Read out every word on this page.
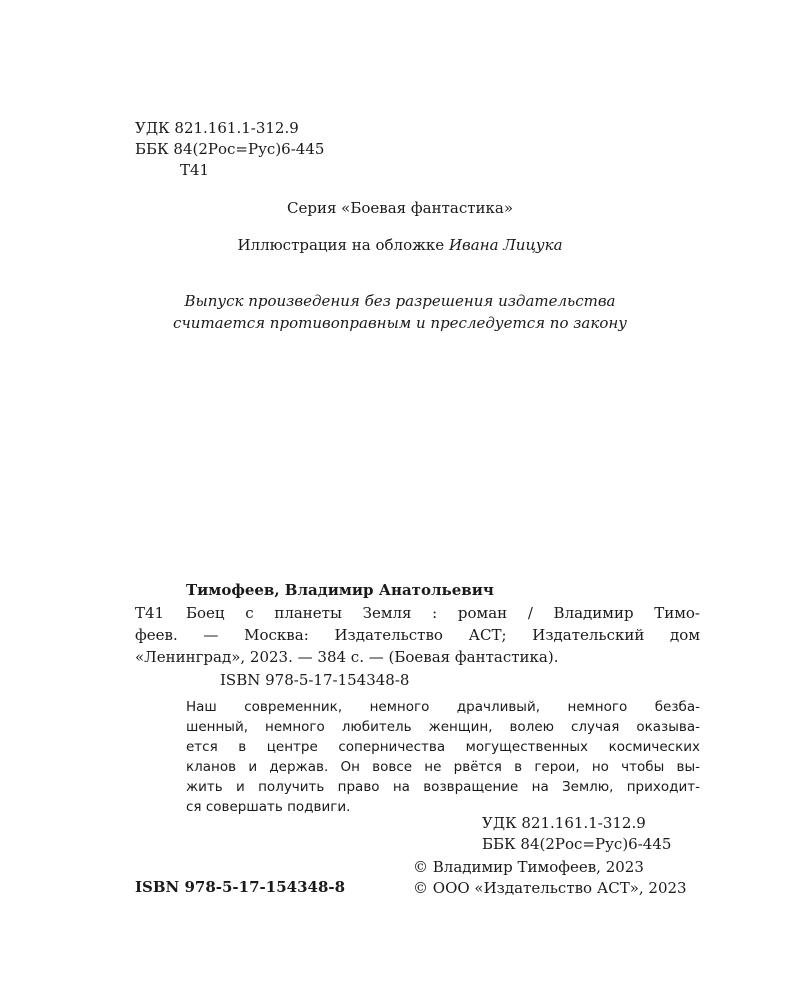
УДК 821.161.1-312.9
ББК 84(2Рос=Рус)6-445
Т41
Серия «Боевая фантастика»
Иллюстрация на обложке Ивана Лицука
Выпуск произведения без разрешения издательства
считается противоправным и преследуется по закону
Тимофеев, Владимир Анатольевич
Т41 Боец с планеты Земля : роман / Владимир Тимо-
феев. — Москва: Издательство АСТ; Издательский дом
«Ленинград», 2023. — 384 с. — (Боевая фантастика).
ISBN 978-5-17-154348-8
Наш современник, немного драчливый, немного безба-
шенный, немного любитель женщин, волею случая оказыва-
ется в центре соперничества могущественных космических
кланов и держав. Он вовсе не рвётся в герои, но чтобы вы-
жить и получить право на возвращение на Землю, приходит-
ся совершать подвиги.
УДК 821.161.1-312.9
ББК 84(2Рос=Рус)6-445
© Владимир Тимофеев, 2023
© ООО «Издательство АСТ», 2023
ISBN 978-5-17-154348-8
